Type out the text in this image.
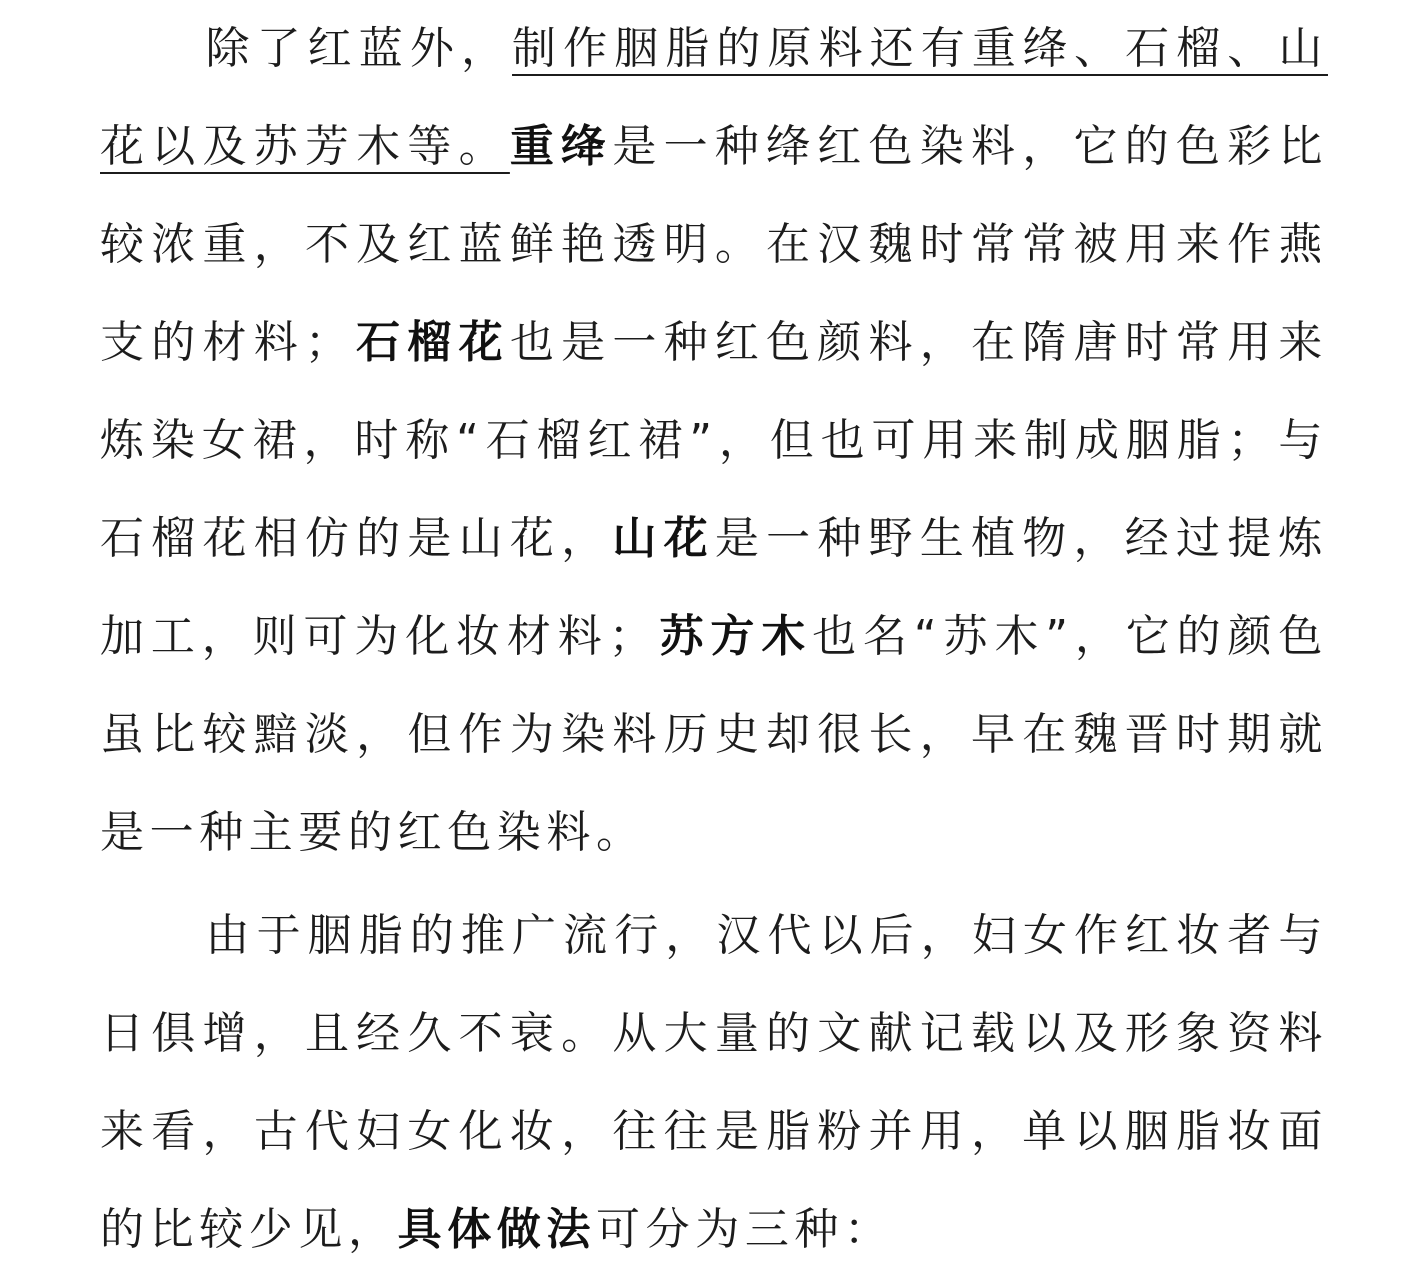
除了红蓝外，制作胭脂的原料还有重绛、石榴、山花以及苏芳木等。重绛是一种绛红色染料，它的色彩比较浓重，不及红蓝鲜艳透明。在汉魏时常常被用来作燕支的材料；石榴花也是一种红色颜料，在隋唐时常用来炼染女裙，时称“石榴红裙”，但也可用来制成胭脂；与石榴花相仿的是山花，山花是一种野生植物，经过提炼加工，则可为化妆材料；苏方木也名“苏木”，它的颜色虽比较黯淡，但作为染料历史却很长，早在魏晋时期就是一种主要的红色染料。

由于胭脂的推广流行，汉代以后，妇女作红妆者与日俱增，且经久不衰。从大量的文献记载以及形象资料来看，古代妇女化妆，往往是脂粉并用，单以胭脂妆面的比较少见，具体做法可分为三种：
